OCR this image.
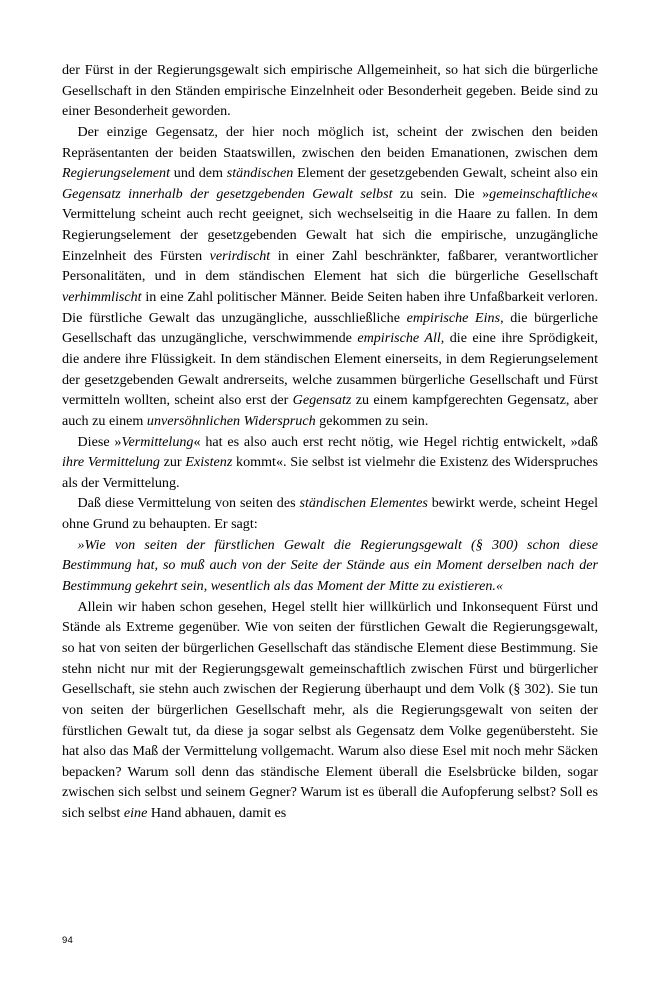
der Fürst in der Regierungsgewalt sich empirische Allgemeinheit, so hat sich die bürgerliche Gesellschaft in den Ständen empirische Einzelnheit oder Besonderheit gegeben. Beide sind zu einer Besonderheit geworden.

Der einzige Gegensatz, der hier noch möglich ist, scheint der zwischen den beiden Repräsentanten der beiden Staatswillen, zwischen den beiden Emanationen, zwischen dem Regierungselement und dem ständischen Element der gesetzgebenden Gewalt, scheint also ein Gegensatz innerhalb der gesetzgebenden Gewalt selbst zu sein. Die »gemeinschaftliche« Vermittelung scheint auch recht geeignet, sich wechselseitig in die Haare zu fallen. In dem Regierungselement der gesetzgebenden Gewalt hat sich die empirische, unzugängliche Einzelnheit des Fürsten verirdischt in einer Zahl beschränkter, faßbarer, verantwortlicher Personalitäten, und in dem ständischen Element hat sich die bürgerliche Gesellschaft verhimmlischt in eine Zahl politischer Männer. Beide Seiten haben ihre Unfaßbarkeit verloren. Die fürstliche Gewalt das unzugängliche, ausschließliche empirische Eins, die bürgerliche Gesellschaft das unzugängliche, verschwimmende empirische All, die eine ihre Sprödigkeit, die andere ihre Flüssigkeit. In dem ständischen Element einerseits, in dem Regierungselement der gesetzgebenden Gewalt andrerseits, welche zusammen bürgerliche Gesellschaft und Fürst vermitteln wollten, scheint also erst der Gegensatz zu einem kampfgerechten Gegensatz, aber auch zu einem unversöhnlichen Widerspruch gekommen zu sein.

Diese »Vermittelung« hat es also auch erst recht nötig, wie Hegel richtig entwickelt, »daß ihre Vermittelung zur Existenz kommt«. Sie selbst ist vielmehr die Existenz des Widerspruches als der Vermittelung.

Daß diese Vermittelung von seiten des ständischen Elementes bewirkt werde, scheint Hegel ohne Grund zu behaupten. Er sagt:

»Wie von seiten der fürstlichen Gewalt die Regierungsgewalt (§ 300) schon diese Bestimmung hat, so muß auch von der Seite der Stände aus ein Moment derselben nach der Bestimmung gekehrt sein, wesentlich als das Moment der Mitte zu existieren.«

Allein wir haben schon gesehen, Hegel stellt hier willkürlich und Inkonsequent Fürst und Stände als Extreme gegenüber. Wie von seiten der fürstlichen Gewalt die Regierungsgewalt, so hat von seiten der bürgerlichen Gesellschaft das ständische Element diese Bestimmung. Sie stehn nicht nur mit der Regierungsgewalt gemeinschaftlich zwischen Fürst und bürgerlicher Gesellschaft, sie stehn auch zwischen der Regierung überhaupt und dem Volk (§ 302). Sie tun von seiten der bürgerlichen Gesellschaft mehr, als die Regierungsgewalt von seiten der fürstlichen Gewalt tut, da diese ja sogar selbst als Gegensatz dem Volke gegenübersteht. Sie hat also das Maß der Vermittelung vollgemacht. Warum also diese Esel mit noch mehr Säcken bepacken? Warum soll denn das ständische Element überall die Eselsbrücke bilden, sogar zwischen sich selbst und seinem Gegner? Warum ist es überall die Aufopferung selbst? Soll es sich selbst eine Hand abhauen, damit es

94
